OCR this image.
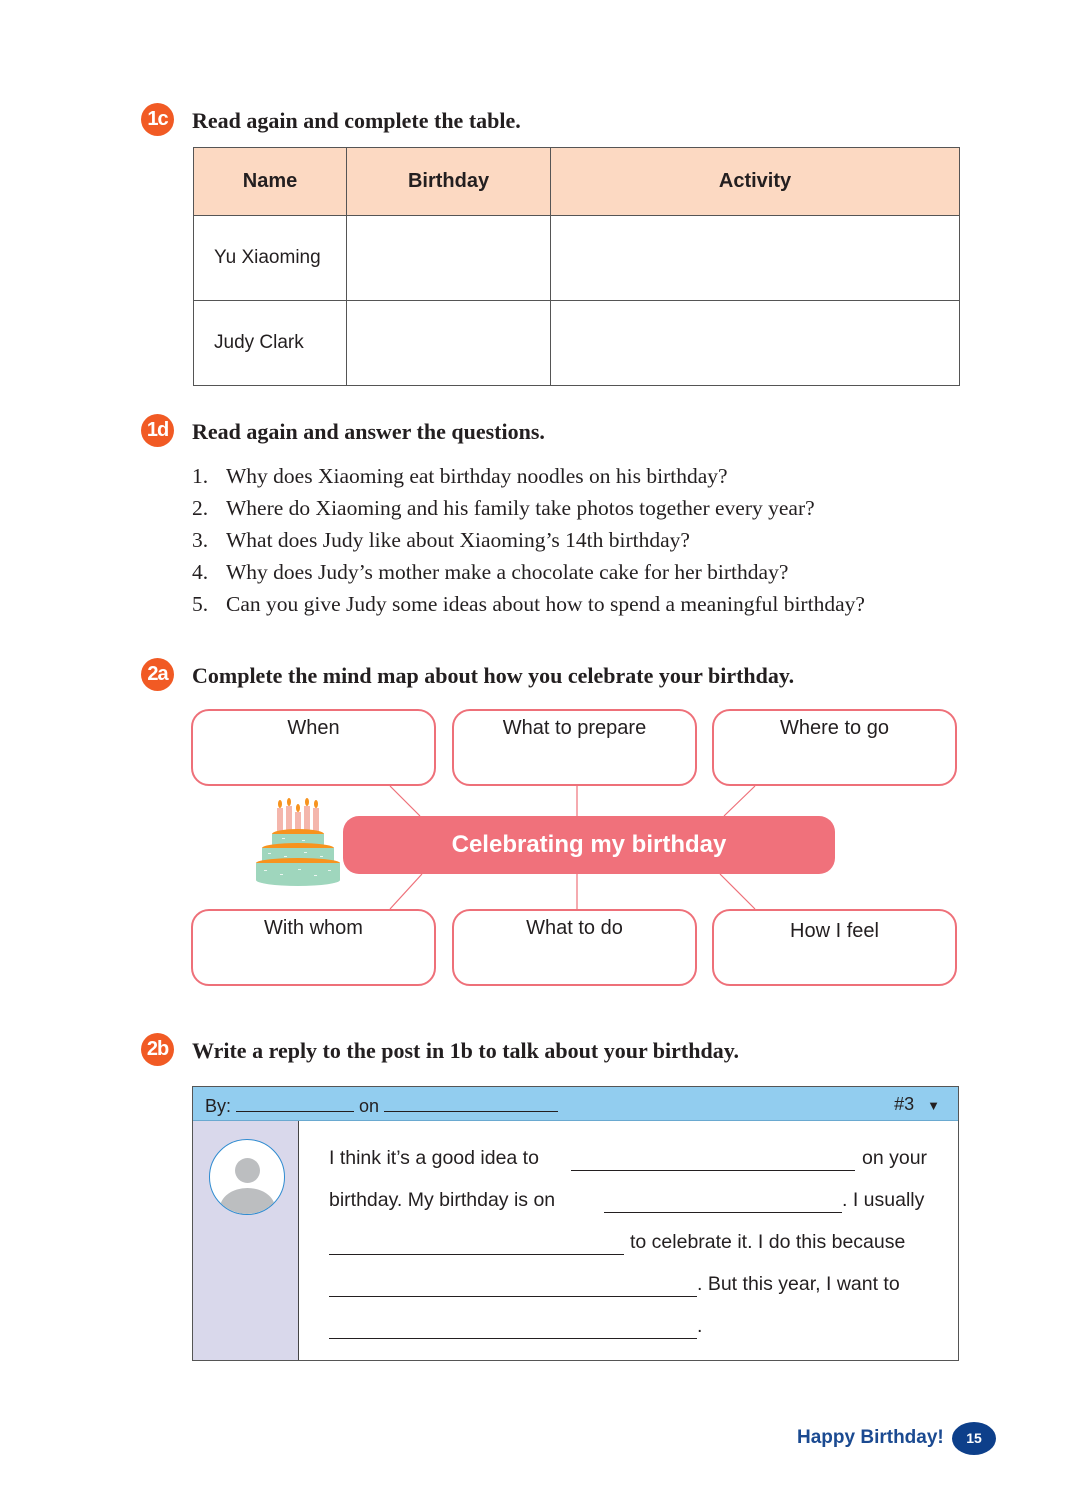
1c Read again and complete the table.
Name	Birthday	Activity
Yu Xiaoming		
Judy Clark		
1d Read again and answer the questions.
1. Why does Xiaoming eat birthday noodles on his birthday?
2. Where do Xiaoming and his family take photos together every year?
3. What does Judy like about Xiaoming’s 14th birthday?
4. Why does Judy’s mother make a chocolate cake for her birthday?
5. Can you give Judy some ideas about how to spend a meaningful birthday?
2a Complete the mind map about how you celebrate your birthday.
When	What to prepare	Where to go
Celebrating my birthday
With whom	What to do	How I feel
2b Write a reply to the post in 1b to talk about your birthday.
By:	on	#3 ▼
I think it’s a good idea to	on your
birthday. My birthday is on	. I usually
to celebrate it. I do this because
. But this year, I want to
.
Happy Birthday!	15
